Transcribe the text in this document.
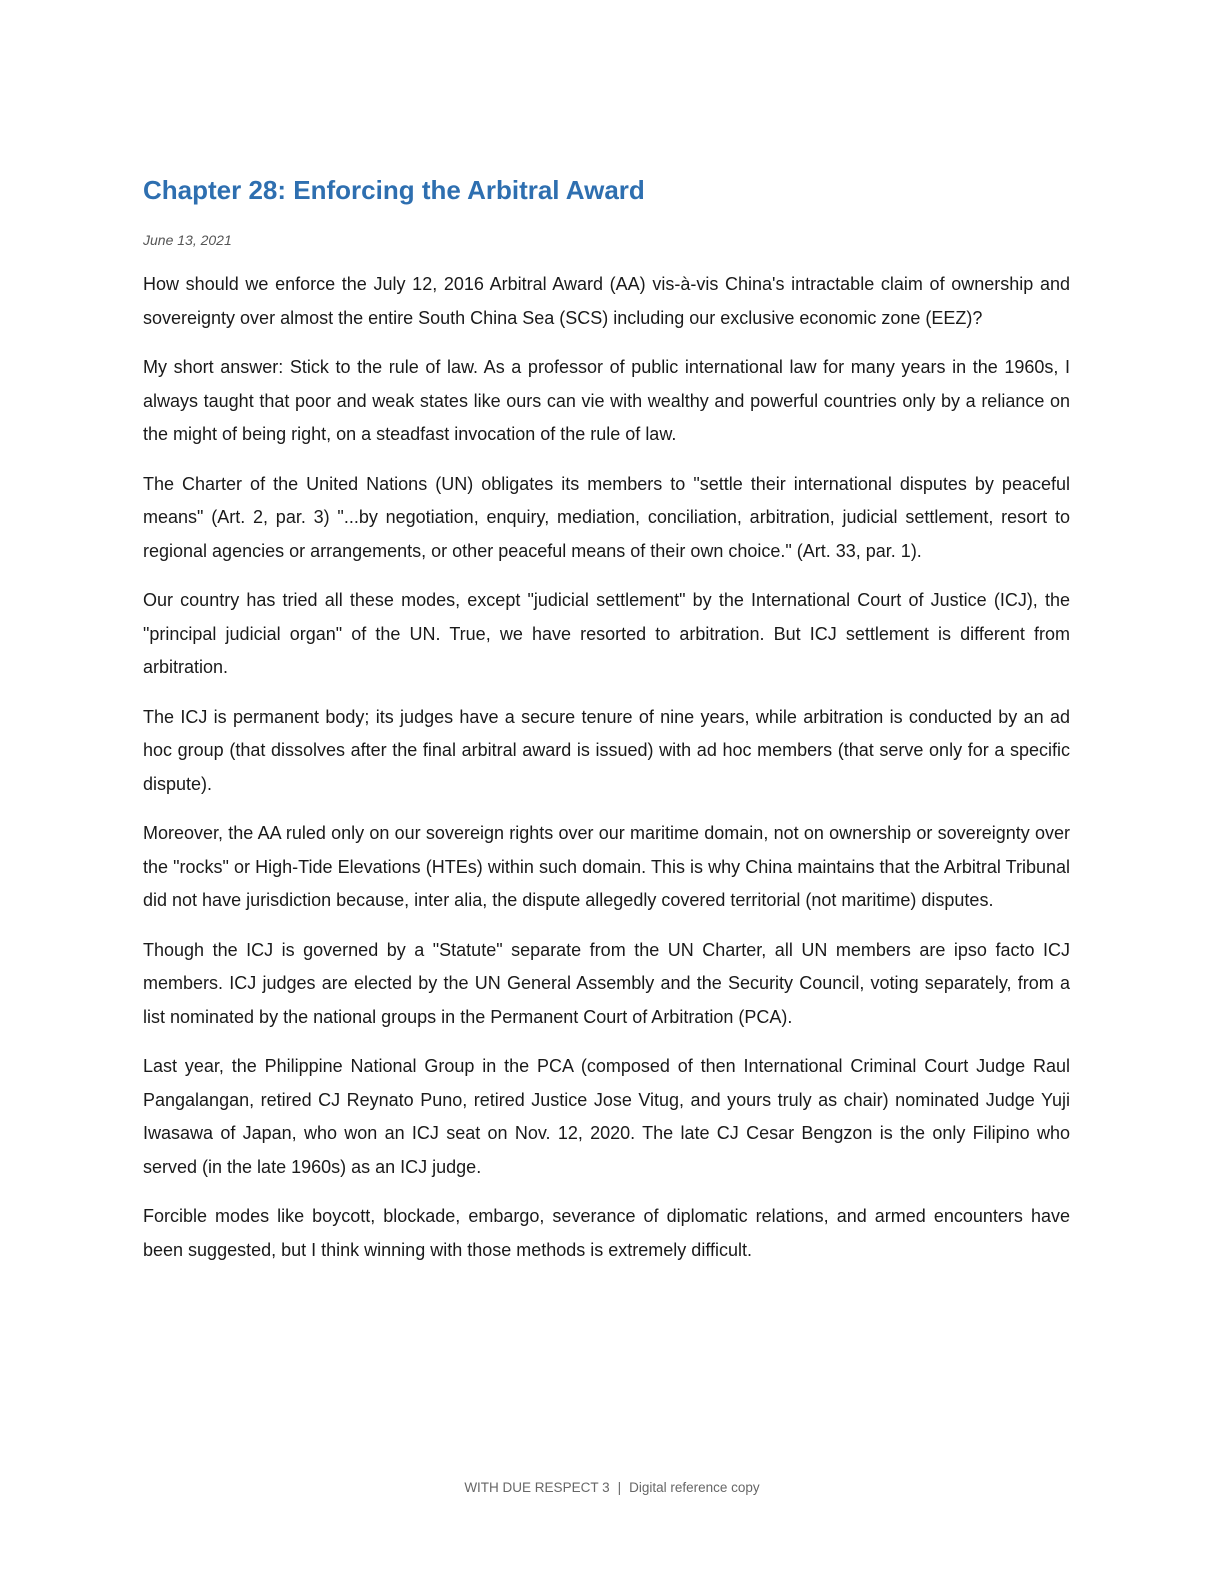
Chapter 28: Enforcing the Arbitral Award

June 13, 2021

How should we enforce the July 12, 2016 Arbitral Award (AA) vis-à-vis China's intractable claim of ownership and sovereignty over almost the entire South China Sea (SCS) including our exclusive economic zone (EEZ)?

My short answer: Stick to the rule of law. As a professor of public international law for many years in the 1960s, I always taught that poor and weak states like ours can vie with wealthy and powerful countries only by a reliance on the might of being right, on a steadfast invocation of the rule of law.

The Charter of the United Nations (UN) obligates its members to "settle their international disputes by peaceful means" (Art. 2, par. 3) "...by negotiation, enquiry, mediation, conciliation, arbitration, judicial settlement, resort to regional agencies or arrangements, or other peaceful means of their own choice." (Art. 33, par. 1).

Our country has tried all these modes, except "judicial settlement" by the International Court of Justice (ICJ), the "principal judicial organ" of the UN. True, we have resorted to arbitration. But ICJ settlement is different from arbitration.

The ICJ is permanent body; its judges have a secure tenure of nine years, while arbitration is conducted by an ad hoc group (that dissolves after the final arbitral award is issued) with ad hoc members (that serve only for a specific dispute).

Moreover, the AA ruled only on our sovereign rights over our maritime domain, not on ownership or sovereignty over the "rocks" or High-Tide Elevations (HTEs) within such domain. This is why China maintains that the Arbitral Tribunal did not have jurisdiction because, inter alia, the dispute allegedly covered territorial (not maritime) disputes.

Though the ICJ is governed by a "Statute" separate from the UN Charter, all UN members are ipso facto ICJ members. ICJ judges are elected by the UN General Assembly and the Security Council, voting separately, from a list nominated by the national groups in the Permanent Court of Arbitration (PCA).

Last year, the Philippine National Group in the PCA (composed of then International Criminal Court Judge Raul Pangalangan, retired CJ Reynato Puno, retired Justice Jose Vitug, and yours truly as chair) nominated Judge Yuji Iwasawa of Japan, who won an ICJ seat on Nov. 12, 2020. The late CJ Cesar Bengzon is the only Filipino who served (in the late 1960s) as an ICJ judge.

Forcible modes like boycott, blockade, embargo, severance of diplomatic relations, and armed encounters have been suggested, but I think winning with those methods is extremely difficult.

WITH DUE RESPECT 3 | Digital reference copy
